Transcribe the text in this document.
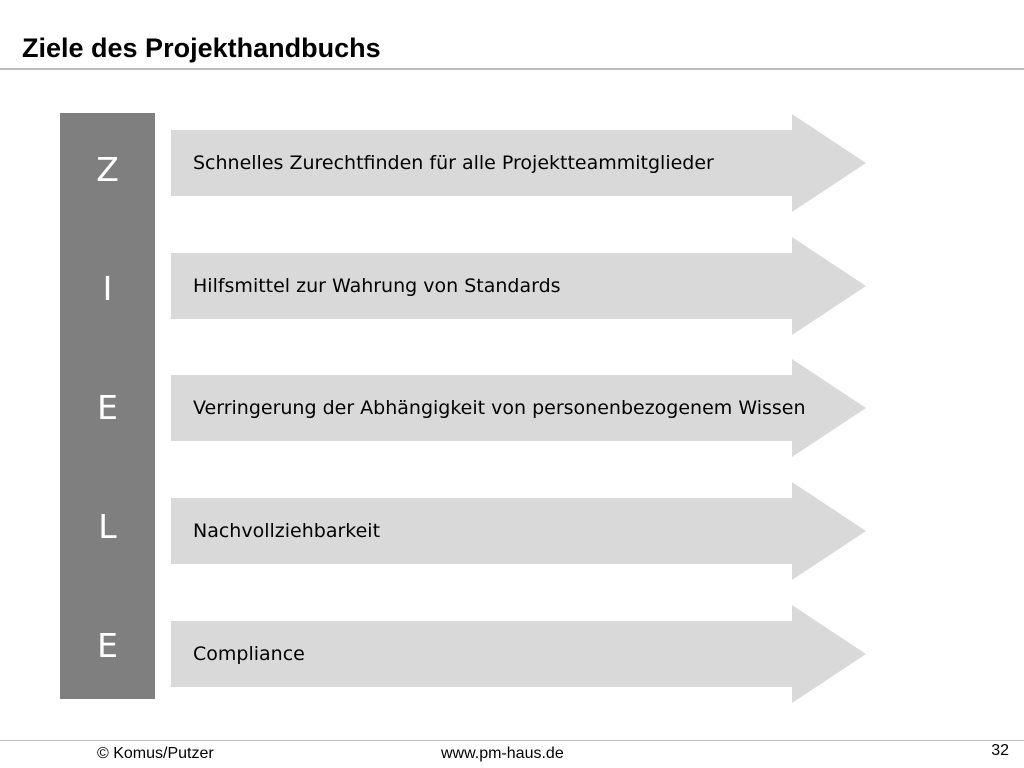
Ziele des Projekthandbuchs
Z
I
E
L
E
Schnelles Zurechtfinden für alle Projektteammitglieder
Hilfsmittel zur Wahrung von Standards
Verringerung der Abhängigkeit von personenbezogenem Wissen
Nachvollziehbarkeit
Compliance
© Komus/Putzer	www.pm-haus.de	32
